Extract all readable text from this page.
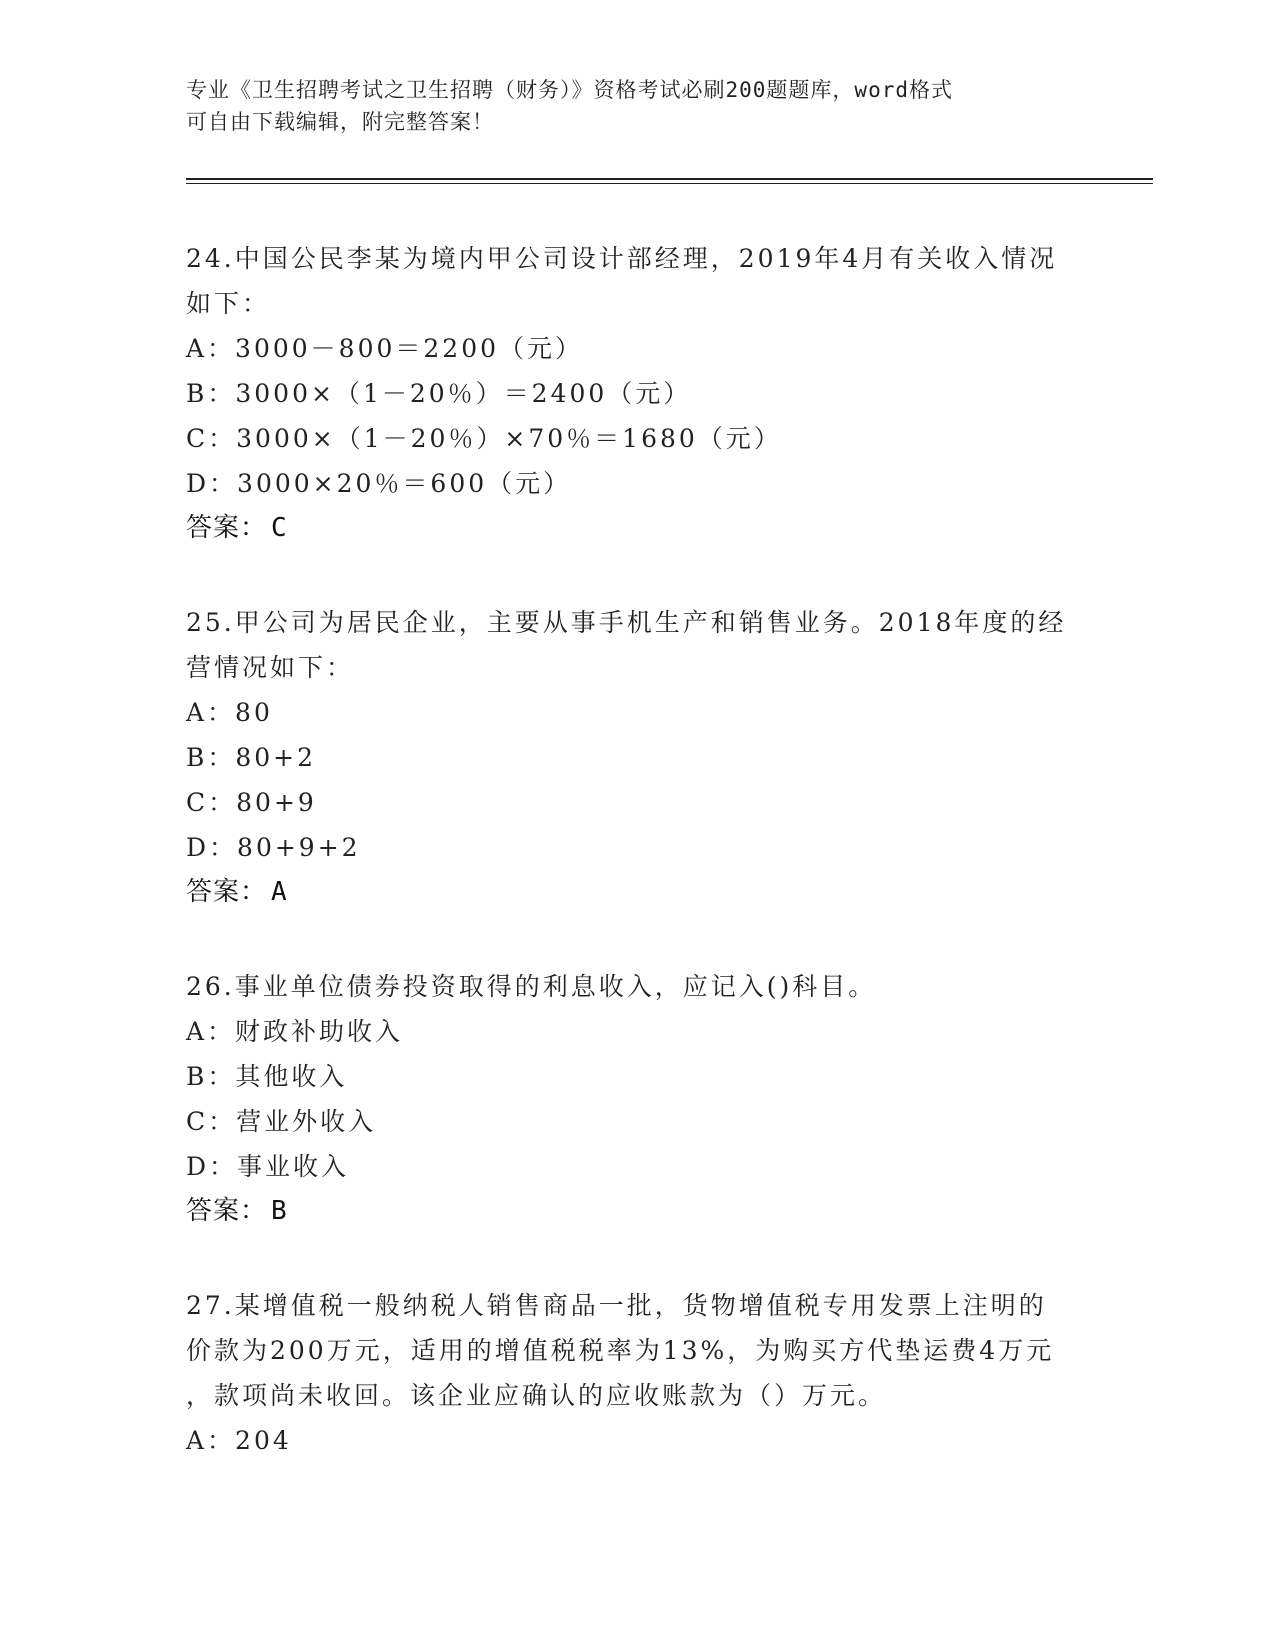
专业《卫生招聘考试之卫生招聘（财务）》资格考试必刷200题题库，word格式
可自由下载编辑，附完整答案！
24.中国公民李某为境内甲公司设计部经理，2019年4月有关收入情况
如下：
A：3000－800＝2200（元）
B：3000×（1－20％）＝2400（元）
C：3000×（1－20％）×70％＝1680（元）
D：3000×20％＝600（元）
答案： C
25.甲公司为居民企业，主要从事手机生产和销售业务。2018年度的经
营情况如下：
A：80
B：80+2
C：80+9
D：80+9+2
答案： A
26.事业单位债券投资取得的利息收入，应记入()科目。
A：财政补助收入
B：其他收入
C：营业外收入
D：事业收入
答案： B
27.某增值税一般纳税人销售商品一批，货物增值税专用发票上注明的
价款为200万元，适用的增值税税率为13%，为购买方代垫运费4万元
，款项尚未收回。该企业应确认的应收账款为（）万元。
A：204
